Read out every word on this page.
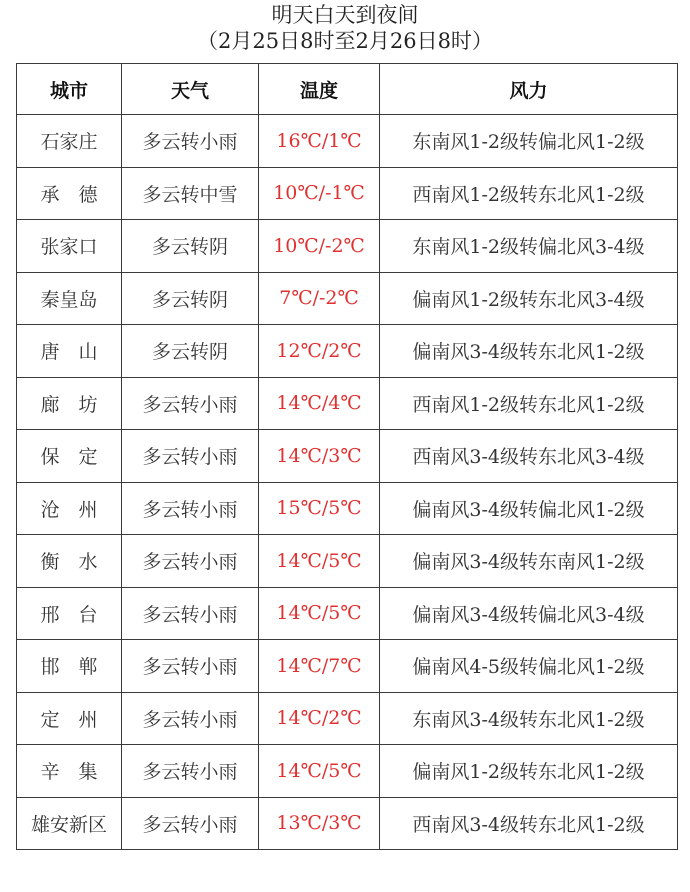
明天白天到夜间
（2月25日8时至2月26日8时）
城市	天气	温度	风力
石家庄	多云转小雨	16℃/1℃	东南风1-2级转偏北风1-2级
承　德	多云转中雪	10℃/-1℃	西南风1-2级转东北风1-2级
张家口	多云转阴	10℃/-2℃	东南风1-2级转偏北风3-4级
秦皇岛	多云转阴	7℃/-2℃	偏南风1-2级转东北风3-4级
唐　山	多云转阴	12℃/2℃	偏南风3-4级转东北风1-2级
廊　坊	多云转小雨	14℃/4℃	西南风1-2级转东北风1-2级
保　定	多云转小雨	14℃/3℃	西南风3-4级转东北风3-4级
沧　州	多云转小雨	15℃/5℃	偏南风3-4级转偏北风1-2级
衡　水	多云转小雨	14℃/5℃	偏南风3-4级转东南风1-2级
邢　台	多云转小雨	14℃/5℃	偏南风3-4级转偏北风3-4级
邯　郸	多云转小雨	14℃/7℃	偏南风4-5级转偏北风1-2级
定　州	多云转小雨	14℃/2℃	东南风3-4级转东北风1-2级
辛　集	多云转小雨	14℃/5℃	偏南风1-2级转东北风1-2级
雄安新区	多云转小雨	13℃/3℃	西南风3-4级转东北风1-2级
